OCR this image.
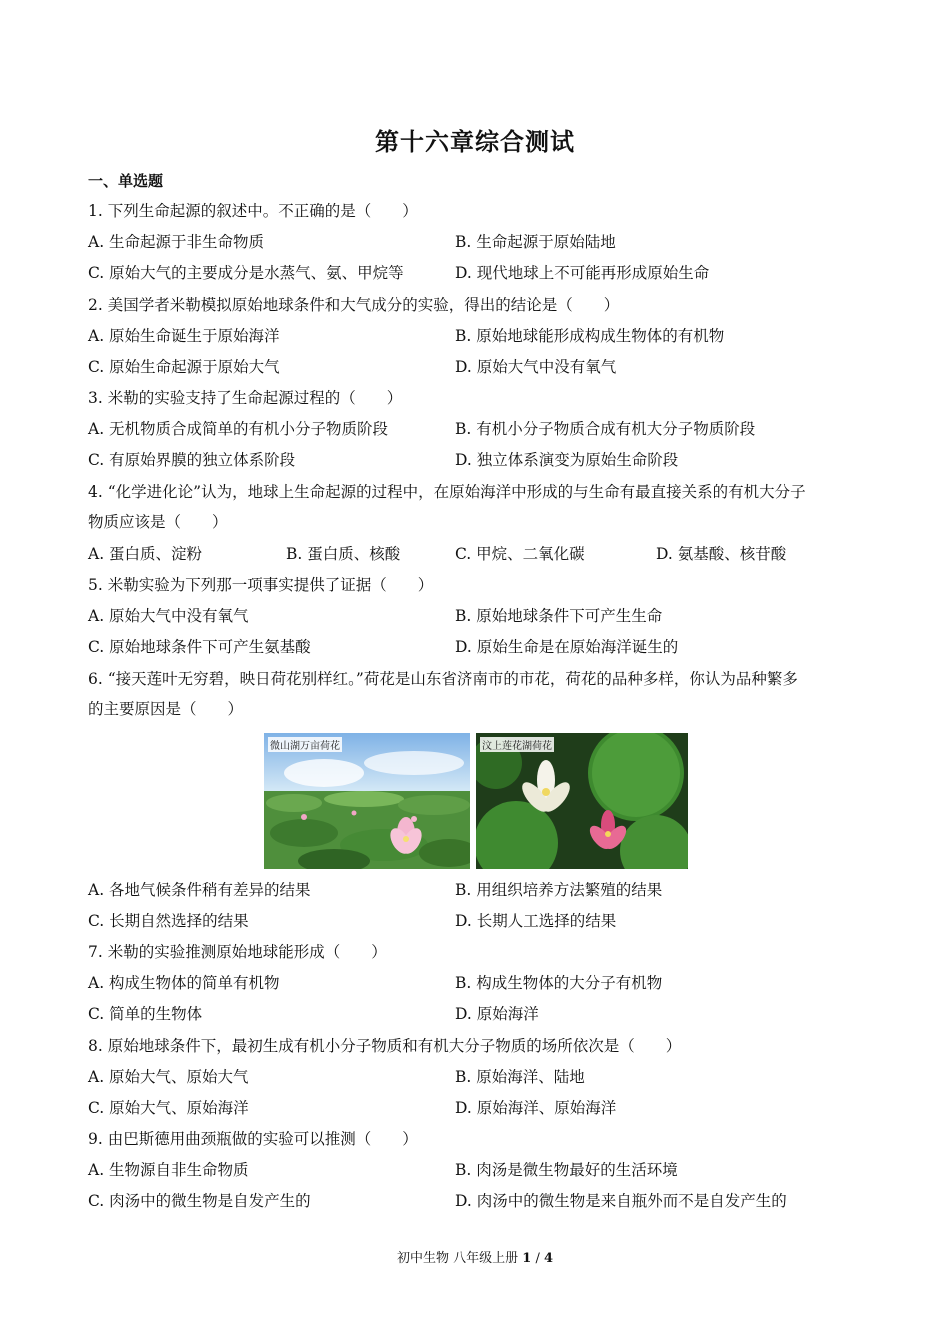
第十六章综合测试
一、单选题
1. 下列生命起源的叙述中。不正确的是（　　）
A. 生命起源于非生命物质	B. 生命起源于原始陆地
C. 原始大气的主要成分是水蒸气、氨、甲烷等	D. 现代地球上不可能再形成原始生命
2. 美国学者米勒模拟原始地球条件和大气成分的实验，得出的结论是（　　）
A. 原始生命诞生于原始海洋	B. 原始地球能形成构成生物体的有机物
C. 原始生命起源于原始大气	D. 原始大气中没有氧气
3. 米勒的实验支持了生命起源过程的（　　）
A. 无机物质合成简单的有机小分子物质阶段	B. 有机小分子物质合成有机大分子物质阶段
C. 有原始界膜的独立体系阶段	D. 独立体系演变为原始生命阶段
4. “化学进化论”认为，地球上生命起源的过程中，在原始海洋中形成的与生命有最直接关系的有机大分子
物质应该是（　　）
A. 蛋白质、淀粉	B. 蛋白质、核酸	C. 甲烷、二氧化碳	D. 氨基酸、核苷酸
5. 米勒实验为下列那一项事实提供了证据（　　）
A. 原始大气中没有氧气	B. 原始地球条件下可产生生命
C. 原始地球条件下可产生氨基酸	D. 原始生命是在原始海洋诞生的
6. “接天莲叶无穷碧，映日荷花别样红。”荷花是山东省济南市的市花，荷花的品种多样，你认为品种繁多
的主要原因是（　　）
微山湖万亩荷花	汶上莲花湖荷花
A. 各地气候条件稍有差异的结果	B. 用组织培养方法繁殖的结果
C. 长期自然选择的结果	D. 长期人工选择的结果
7. 米勒的实验推测原始地球能形成（　　）
A. 构成生物体的简单有机物	B. 构成生物体的大分子有机物
C. 简单的生物体	D. 原始海洋
8. 原始地球条件下，最初生成有机小分子物质和有机大分子物质的场所依次是（　　）
A. 原始大气、原始大气	B. 原始海洋、陆地
C. 原始大气、原始海洋	D. 原始海洋、原始海洋
9. 由巴斯德用曲颈瓶做的实验可以推测（　　）
A. 生物源自非生命物质	B. 肉汤是微生物最好的生活环境
C. 肉汤中的微生物是自发产生的	D. 肉汤中的微生物是来自瓶外而不是自发产生的
初中生物 八年级上册 1 / 4
